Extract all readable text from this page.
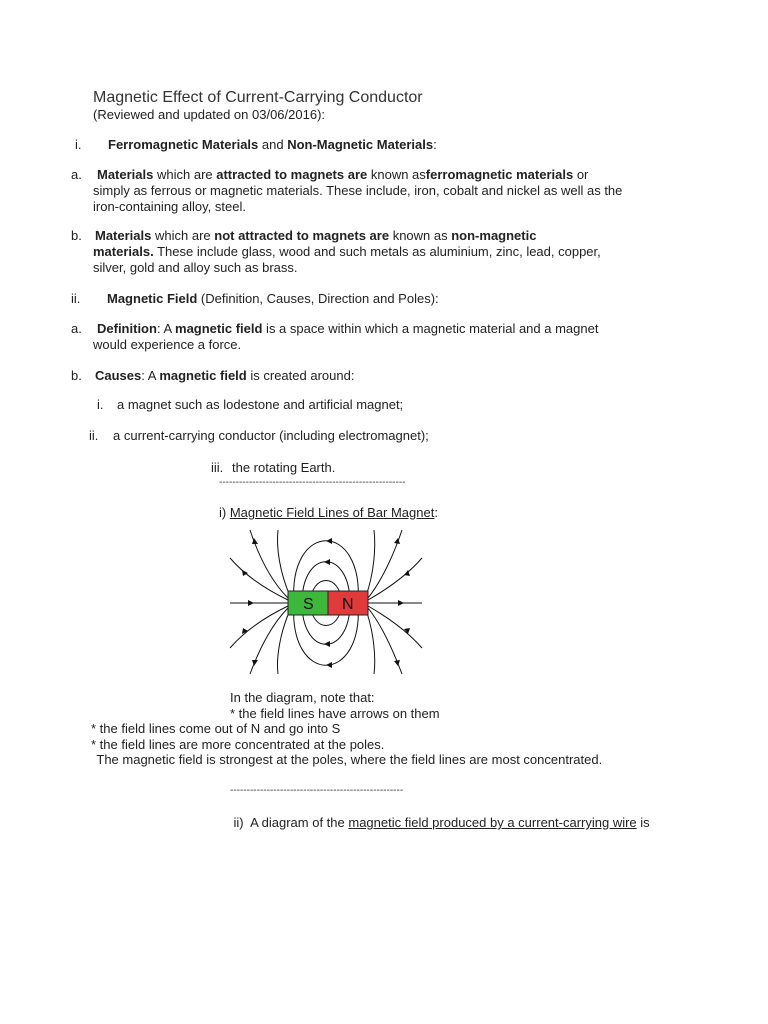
Magnetic Effect of Current-Carrying Conductor
(Reviewed and updated on 03/06/2016):
i. Ferromagnetic Materials and Non-Magnetic Materials:
a. Materials which are attracted to magnets are known asferromagnetic materials or
simply as ferrous or magnetic materials. These include, iron, cobalt and nickel as well as the
iron-containing alloy, steel.
b. Materials which are not attracted to magnets are known as non-magnetic
materials. These include glass, wood and such metals as aluminium, zinc, lead, copper,
silver, gold and alloy such as brass.
ii. Magnetic Field (Definition, Causes, Direction and Poles):
a. Definition: A magnetic field is a space within which a magnetic material and a magnet
would experience a force.
b. Causes: A magnetic field is created around:
i. a magnet such as lodestone and artificial magnet;
ii. a current-carrying conductor (including electromagnet);
iii. the rotating Earth.
--------------------------------------------------------
i) Magnetic Field Lines of Bar Magnet:
S N
In the diagram, note that:
* the field lines have arrows on them
* the field lines come out of N and go into S
* the field lines are more concentrated at the poles.
The magnetic field is strongest at the poles, where the field lines are most concentrated.
----------------------------------------------------

ii)  A diagram of the magnetic field produced by a current-carrying wire is
